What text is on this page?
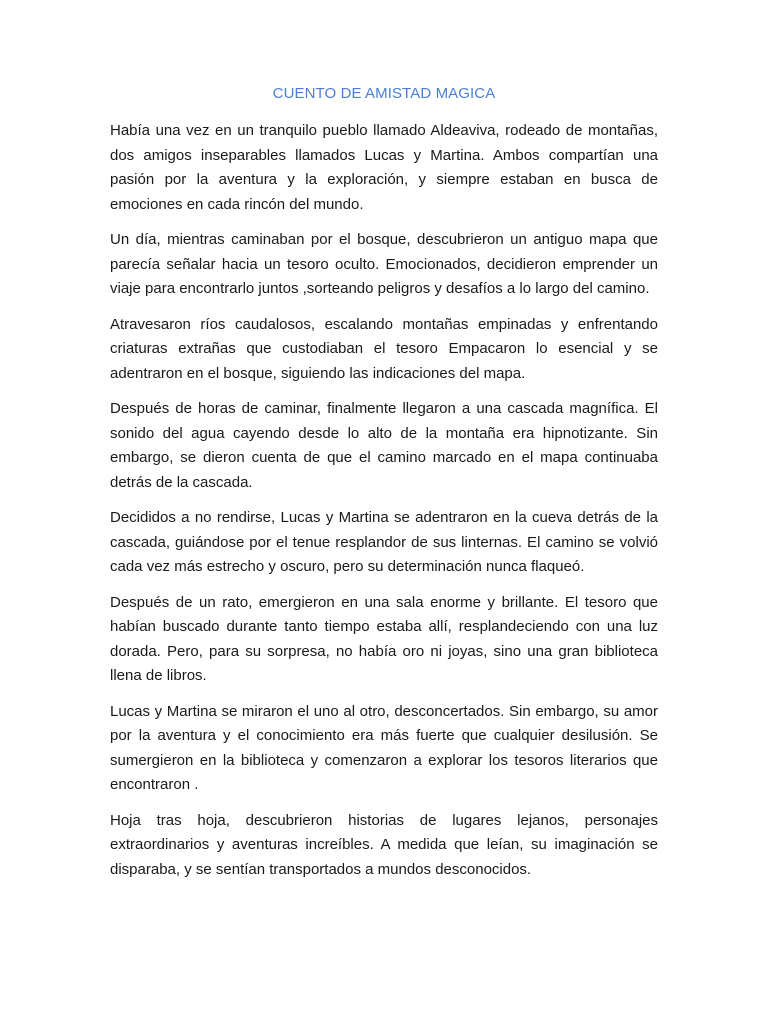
CUENTO DE AMISTAD MAGICA

Había una vez en un tranquilo pueblo llamado Aldeaviva, rodeado de montañas, dos amigos inseparables llamados Lucas y Martina. Ambos compartían una pasión por la aventura y la exploración, y siempre estaban en busca de emociones en cada rincón del mundo.

Un día, mientras caminaban por el bosque, descubrieron un antiguo mapa que parecía señalar hacia un tesoro oculto. Emocionados, decidieron emprender un viaje para encontrarlo juntos ,sorteando peligros y desafíos a lo largo del camino.

Atravesaron ríos caudalosos, escalando montañas empinadas y enfrentando criaturas extrañas que custodiaban el tesoro Empacaron lo esencial y se adentraron en el bosque, siguiendo las indicaciones del mapa.

Después de horas de caminar, finalmente llegaron a una cascada magnífica. El sonido del agua cayendo desde lo alto de la montaña era hipnotizante. Sin embargo, se dieron cuenta de que el camino marcado en el mapa continuaba detrás de la cascada.

Decididos a no rendirse, Lucas y Martina se adentraron en la cueva detrás de la cascada, guiándose por el tenue resplandor de sus linternas. El camino se volvió cada vez más estrecho y oscuro, pero su determinación nunca flaqueó.

Después de un rato, emergieron en una sala enorme y brillante. El tesoro que habían buscado durante tanto tiempo estaba allí, resplandeciendo con una luz dorada. Pero, para su sorpresa, no había oro ni joyas, sino una gran biblioteca llena de libros.

Lucas y Martina se miraron el uno al otro, desconcertados. Sin embargo, su amor por la aventura y el conocimiento era más fuerte que cualquier desilusión. Se sumergieron en la biblioteca y comenzaron a explorar los tesoros literarios que encontraron .

Hoja tras hoja, descubrieron historias de lugares lejanos, personajes extraordinarios y aventuras increíbles. A medida que leían, su imaginación se disparaba, y se sentían transportados a mundos desconocidos.
